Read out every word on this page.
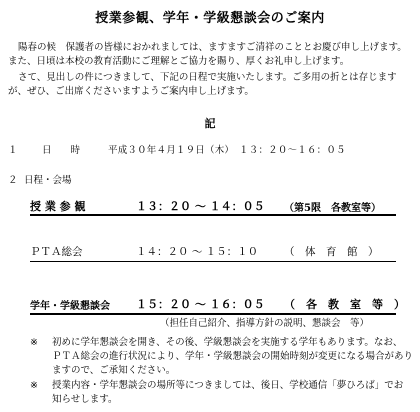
授業参観、学年・学級懇談会のご案内
陽春の候　保護者の皆様におかれましては、ますますご清祥のこととお慶び申し上げます。
また、日頃は本校の教育活動にご理解とご協力を賜り、厚くお礼申し上げます。
さて、見出しの件につきまして、下記の日程で実施いたします。ご多用の折とは存じます
が、ぜひ、ご出席くださいますようご案内申し上げます。
記
１	日　　時	平成３０年４月１９日（木）　１３：２０～１６：０５
２ 日程・会場
授 業 参 観	１３：２０ ～ １４：０５ （第5限　各教室等）
ＰＴＡ総会	１４：２０ ～ １５：１０ （　体　育　館　）
学年・学級懇談会 １５：２０ ～ １６：０５ （　各　教　室　等　）
（担任自己紹介、指導方針の説明、懇談会　等）
※ 初めに学年懇談会を開き、その後、学級懇談会を実施する学年もあります。なお、
ＰＴＡ総会の進行状況により、学年・学級懇談会の開始時刻が変更になる場合があり
ますので、ご承知ください。
※ 授業内容・学年懇談会の場所等につきましては、後日、学校通信「夢ひろば」でお
知らせします。
